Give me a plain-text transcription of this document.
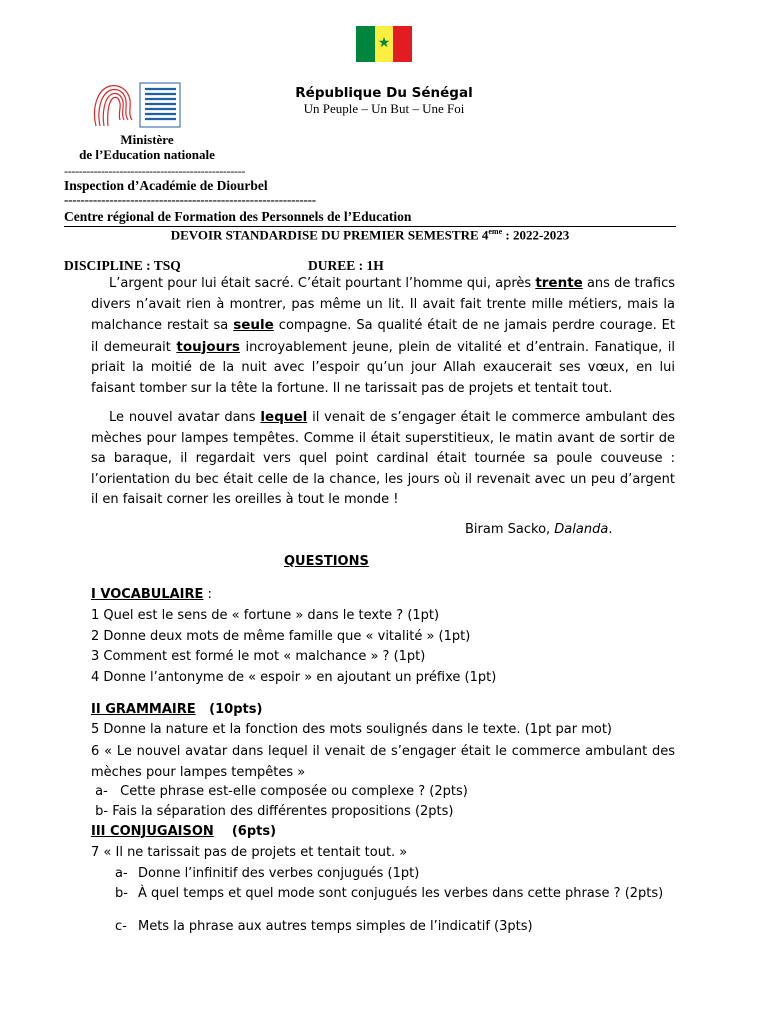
★
République Du Sénégal
Un Peuple – Un But – Une Foi
Ministère
de l’Education nationale
-------------------------------------------------
Inspection d’Académie de Diourbel
-------------------------------------------------------------
Centre régional de Formation des Personnels de l’Education
DEVOIR STANDARDISE DU PREMIER SEMESTRE 4eme : 2022-2023
DISCIPLINE : TSQ	DUREE : 1H
L’argent pour lui était sacré. C’était pourtant l’homme qui, après trente ans de trafics divers n’avait rien à montrer, pas même un lit. Il avait fait trente mille métiers, mais la malchance restait sa seule compagne. Sa qualité était de ne jamais perdre courage. Et il demeurait toujours incroyablement jeune, plein de vitalité et d’entrain. Fanatique, il priait la moitié de la nuit avec l’espoir qu’un jour Allah exaucerait ses vœux, en lui faisant tomber sur la tête la fortune. Il ne tarissait pas de projets et tentait tout.
Le nouvel avatar dans lequel il venait de s’engager était le commerce ambulant des mèches pour lampes tempêtes. Comme il était superstitieux, le matin avant de sortir de sa baraque, il regardait vers quel point cardinal était tournée sa poule couveuse : l’orientation du bec était celle de la chance, les jours où il revenait avec un peu d’argent il en faisait corner les oreilles à tout le monde !
Biram Sacko, Dalanda.
QUESTIONS
I VOCABULAIRE :
1 Quel est le sens de « fortune » dans le texte ? (1pt)
2 Donne deux mots de même famille que « vitalité » (1pt)
3 Comment est formé le mot « malchance » ? (1pt)
4 Donne l’antonyme de « espoir » en ajoutant un préfixe (1pt)
II GRAMMAIRE   (10pts)
5 Donne la nature et la fonction des mots soulignés dans le texte. (1pt par mot)
6 « Le nouvel avatar dans lequel il venait de s’engager était le commerce ambulant des mèches pour lampes tempêtes »
a-   Cette phrase est-elle composée ou complexe ? (2pts)
b- Fais la séparation des différentes propositions (2pts)
III CONJUGAISON    (6pts)
7 « Il ne tarissait pas de projets et tentait tout. »
a- Donne l’infinitif des verbes conjugués (1pt)
b- À quel temps et quel mode sont conjugués les verbes dans cette phrase ? (2pts)
c- Mets la phrase aux autres temps simples de l’indicatif (3pts)
